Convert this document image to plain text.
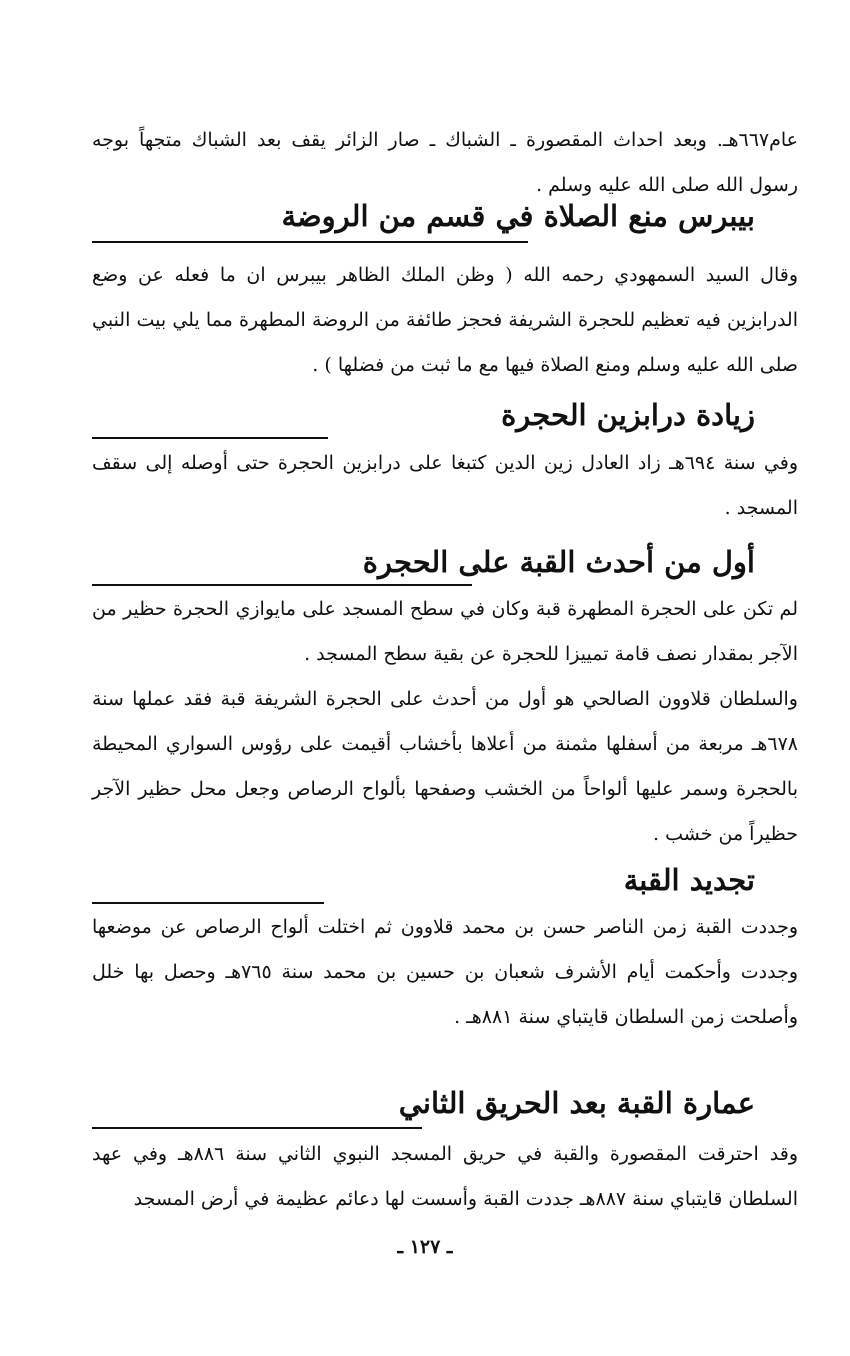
عام٦٦٧هـ. وبعد احداث المقصورة ـ الشباك ـ صار الزائر يقف بعد الشباك متجهاً بوجه رسول الله صلى الله عليه وسلم .

بيبرس منع الصلاة في قسم من الروضة

وقال السيد السمهودي رحمه الله ( وظن الملك الظاهر بيبرس ان ما فعله عن وضع الدرابزين فيه تعظيم للحجرة الشريفة فحجز طائفة من الروضة المطهرة مما يلي بيت النبي صلى الله عليه وسلم ومنع الصلاة فيها مع ما ثبت من فضلها ) .

زيادة درابزين الحجرة

وفي سنة ٦٩٤هـ زاد العادل زين الدين كتبغا على درابزين الحجرة حتى أوصله إلى سقف المسجد .

أول من أحدث القبة على الحجرة

لم تكن على الحجرة المطهرة قبة وكان في سطح المسجد على مايوازي الحجرة حظير من الآجر بمقدار نصف قامة تمييزا للحجرة عن بقية سطح المسجد .

والسلطان قلاوون الصالحي هو أول من أحدث على الحجرة الشريفة قبة فقد عملها سنة ٦٧٨هـ مربعة من أسفلها مثمنة من أعلاها بأخشاب أقيمت على رؤوس السواري المحيطة بالحجرة وسمر عليها ألواحاً من الخشب وصفحها بألواح الرصاص وجعل محل حظير الآجر حظيراً من خشب .

تجديد القبة

وجددت القبة زمن الناصر حسن بن محمد قلاوون ثم اختلت ألواح الرصاص عن موضعها وجددت وأحكمت أيام الأشرف شعبان بن حسين بن محمد سنة ٧٦٥هـ وحصل بها خلل وأصلحت زمن السلطان قايتباي سنة ٨٨١هـ .

عمارة القبة بعد الحريق الثاني

وقد احترقت المقصورة والقبة في حريق المسجد النبوي الثاني سنة ٨٨٦هـ وفي عهد السلطان قايتباي سنة ٨٨٧هـ جددت القبة وأسست لها دعائم عظيمة في أرض المسجد

ـ ١٢٧ ـ
